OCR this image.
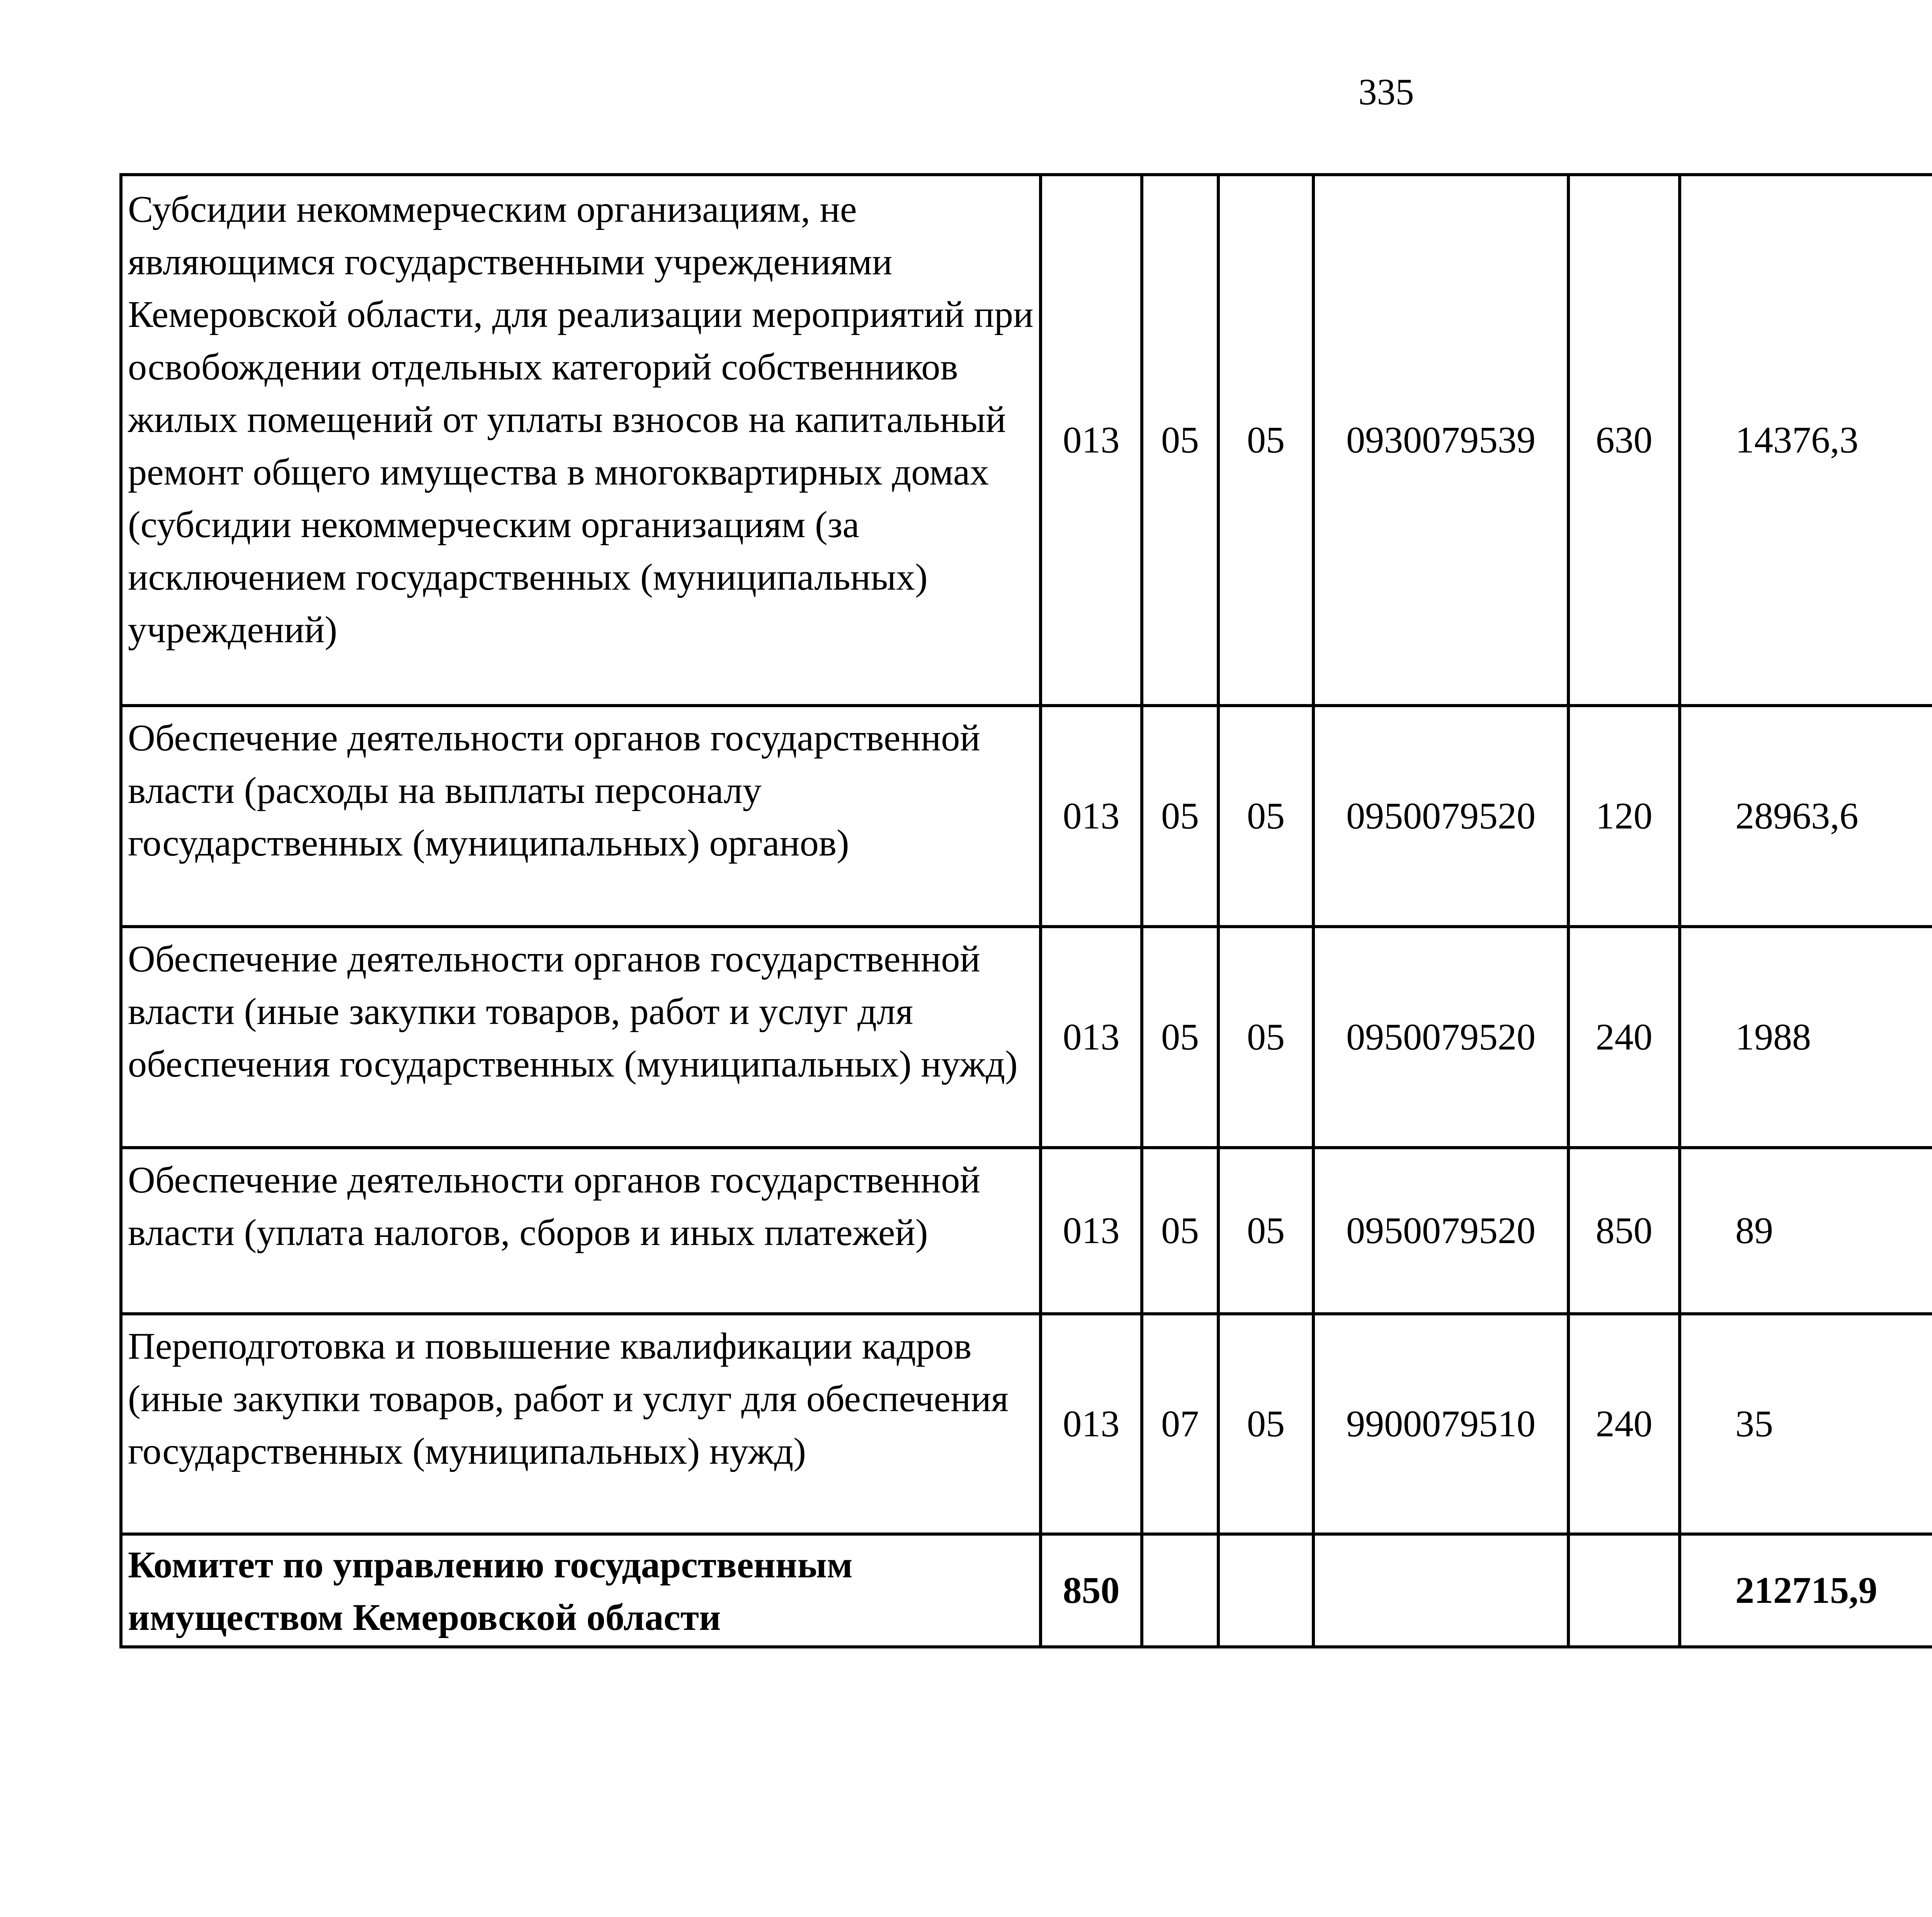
335
Субсидии некоммерческим организациям, не являющимся государственными учреждениями Кемеровской области, для реализации мероприятий при освобождении отдельных категорий собственников жилых помещений от уплаты взносов на капитальный ремонт общего имущества в многоквартирных домах (субсидии некоммерческим организациям (за исключением государственных (муниципальных) учреждений)	013	05	05	0930079539	630	14376,3		
Обеспечение деятельности органов государственной власти (расходы на выплаты персоналу государственных (муниципальных) органов)	013	05	05	0950079520	120	28963,6		
Обеспечение деятельности органов государственной власти (иные закупки товаров, работ и услуг для обеспечения государственных (муниципальных) нужд)	013	05	05	0950079520	240	1988		
Обеспечение деятельности органов государственной власти (уплата налогов, сборов и иных платежей)	013	05	05	0950079520	850	89		
Переподготовка и повышение квалификации кадров (иные закупки товаров, работ и услуг для обеспечения государственных (муниципальных) нужд)	013	07	05	9900079510	240	35		
Комитет по управлению государственным имуществом Кемеровской области	850					212715,9		
